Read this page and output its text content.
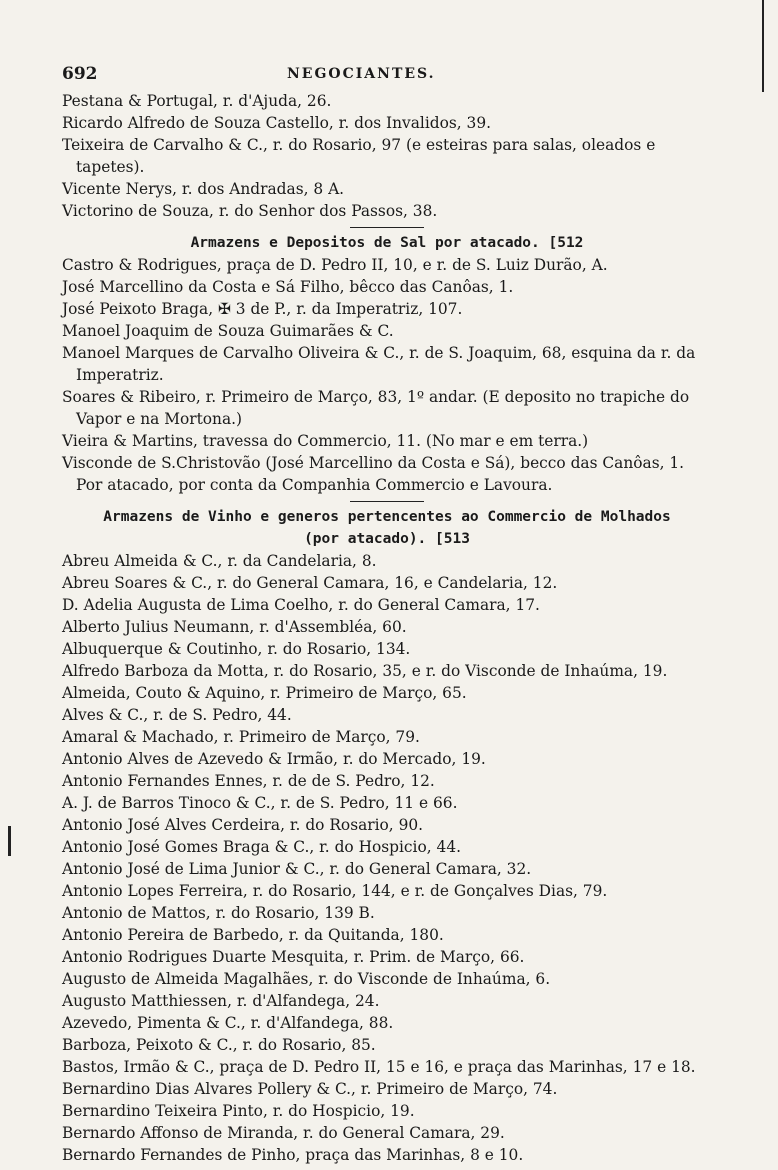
692	NEGOCIANTES.
Pestana & Portugal, r. d'Ajuda, 26.
Ricardo Alfredo de Souza Castello, r. dos Invalidos, 39.
Teixeira de Carvalho & C., r. do Rosario, 97 (e esteiras para salas, oleados e tapetes).
Vicente Nerys, r. dos Andradas, 8 A.
Victorino de Souza, r. do Senhor dos Passos, 38.
Armazens e Depositos de Sal por atacado. [512
Castro & Rodrigues, praça de D. Pedro II, 10, e r. de S. Luiz Durão, A.
José Marcellino da Costa e Sá Filho, bêcco das Canôas, 1.
José Peixoto Braga, ✠ 3 de P., r. da Imperatriz, 107.
Manoel Joaquim de Souza Guimarães & C.
Manoel Marques de Carvalho Oliveira & C., r. de S. Joaquim, 68, esquina da r. da Imperatriz.
Soares & Ribeiro, r. Primeiro de Março, 83, 1º andar. (E deposito no trapiche do Vapor e na Mortona.)
Vieira & Martins, travessa do Commercio, 11. (No mar e em terra.)
Visconde de S.Christovão (José Marcellino da Costa e Sá), becco das Canôas, 1. Por atacado, por conta da Companhia Commercio e Lavoura.
Armazens de Vinho e generos pertencentes ao Commercio de Molhados
(por atacado). [513
Abreu Almeida & C., r. da Candelaria, 8.
Abreu Soares & C., r. do General Camara, 16, e Candelaria, 12.
D. Adelia Augusta de Lima Coelho, r. do General Camara, 17.
Alberto Julius Neumann, r. d'Assembléa, 60.
Albuquerque & Coutinho, r. do Rosario, 134.
Alfredo Barboza da Motta, r. do Rosario, 35, e r. do Visconde de Inhaúma, 19.
Almeida, Couto & Aquino, r. Primeiro de Março, 65.
Alves & C., r. de S. Pedro, 44.
Amaral & Machado, r. Primeiro de Março, 79.
Antonio Alves de Azevedo & Irmão, r. do Mercado, 19.
Antonio Fernandes Ennes, r. de de S. Pedro, 12.
A. J. de Barros Tinoco & C., r. de S. Pedro, 11 e 66.
Antonio José Alves Cerdeira, r. do Rosario, 90.
Antonio José Gomes Braga & C., r. do Hospicio, 44.
Antonio José de Lima Junior & C., r. do General Camara, 32.
Antonio Lopes Ferreira, r. do Rosario, 144, e r. de Gonçalves Dias, 79.
Antonio de Mattos, r. do Rosario, 139 B.
Antonio Pereira de Barbedo, r. da Quitanda, 180.
Antonio Rodrigues Duarte Mesquita, r. Prim. de Março, 66.
Augusto de Almeida Magalhães, r. do Visconde de Inhaúma, 6.
Augusto Matthiessen, r. d'Alfandega, 24.
Azevedo, Pimenta & C., r. d'Alfandega, 88.
Barboza, Peixoto & C., r. do Rosario, 85.
Bastos, Irmão & C., praça de D. Pedro II, 15 e 16, e praça das Marinhas, 17 e 18.
Bernardino Dias Alvares Pollery & C., r. Primeiro de Março, 74.
Bernardino Teixeira Pinto, r. do Hospicio, 19.
Bernardo Affonso de Miranda, r. do General Camara, 29.
Bernardo Fernandes de Pinho, praça das Marinhas, 8 e 10.
